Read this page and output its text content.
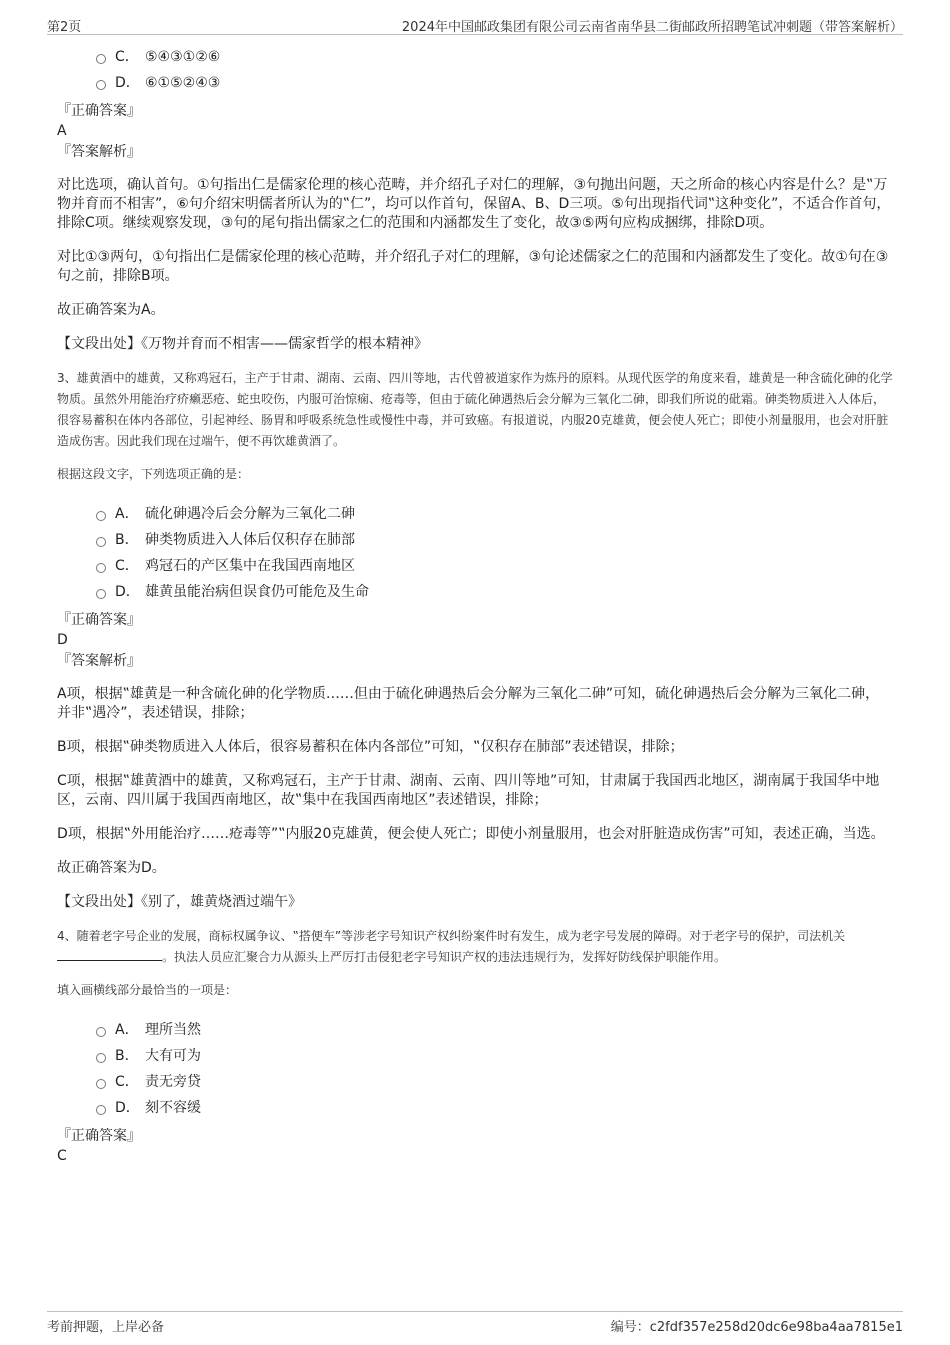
第2页	2024年中国邮政集团有限公司云南省南华县二街邮政所招聘笔试冲刺题（带答案解析）
C． ⑤④③①②⑥
D． ⑥①⑤②④③
『正确答案』
A
『答案解析』

对比选项，确认首句。①句指出仁是儒家伦理的核心范畴，并介绍孔子对仁的理解，③句抛出问题，天之所命的核心内容是什么？是‟万物并育而不相害”，⑥句介绍宋明儒者所认为的‟仁”，均可以作首句，保留A、B、D三项。⑤句出现指代词‟这种变化”，不适合作首句，排除C项。继续观察发现，③句的尾句指出儒家之仁的范围和内涵都发生了变化，故③⑤两句应构成捆绑，排除D项。

对比①③两句，①句指出仁是儒家伦理的核心范畴，并介绍孔子对仁的理解，③句论述儒家之仁的范围和内涵都发生了变化。故①句在③句之前，排除B项。

故正确答案为A。

【文段出处】《万物并育而不相害——儒家哲学的根本精神》

3、雄黄酒中的雄黄，又称鸡冠石，主产于甘肃、湖南、云南、四川等地，古代曾被道家作为炼丹的原料。从现代医学的角度来看，雄黄是一种含硫化砷的化学物质。虽然外用能治疗疥癞恶疮、蛇虫咬伤，内服可治惊痫、疮毒等，但由于硫化砷遇热后会分解为三氧化二砷，即我们所说的砒霜。砷类物质进入人体后，很容易蓄积在体内各部位，引起神经、肠胃和呼吸系统急性或慢性中毒，并可致癌。有报道说，内服20克雄黄，便会使人死亡；即使小剂量服用，也会对肝脏造成伤害。因此我们现在过端午，便不再饮雄黄酒了。

根据这段文字，下列选项正确的是：

A． 硫化砷遇冷后会分解为三氧化二砷
B． 砷类物质进入人体后仅积存在肺部
C． 鸡冠石的产区集中在我国西南地区
D． 雄黄虽能治病但误食仍可能危及生命
『正确答案』
D
『答案解析』

A项，根据‟雄黄是一种含硫化砷的化学物质……但由于硫化砷遇热后会分解为三氧化二砷”可知，硫化砷遇热后会分解为三氧化二砷，并非‟遇冷”，表述错误，排除；

B项，根据‟砷类物质进入人体后，很容易蓄积在体内各部位”可知，‟仅积存在肺部”表述错误，排除；

C项，根据‟雄黄酒中的雄黄，又称鸡冠石，主产于甘肃、湖南、云南、四川等地”可知，甘肃属于我国西北地区，湖南属于我国华中地区，云南、四川属于我国西南地区，故‟集中在我国西南地区”表述错误，排除；

D项，根据‟外用能治疗……疮毒等”‟内服20克雄黄，便会使人死亡；即使小剂量服用，也会对肝脏造成伤害”可知，表述正确，当选。

故正确答案为D。

【文段出处】《别了，雄黄烧酒过端午》

4、随着老字号企业的发展，商标权属争议、‟搭便车”等涉老字号知识产权纠纷案件时有发生，成为老字号发展的障碍。对于老字号的保护，司法机关。执法人员应汇聚合力从源头上严厉打击侵犯老字号知识产权的违法违规行为，发挥好防线保护职能作用。

填入画横线部分最恰当的一项是：

A． 理所当然
B． 大有可为
C． 责无旁贷
D． 刻不容缓
『正确答案』
C
考前押题，上岸必备	编号：c2fdf357e258d20dc6e98ba4aa7815e1
